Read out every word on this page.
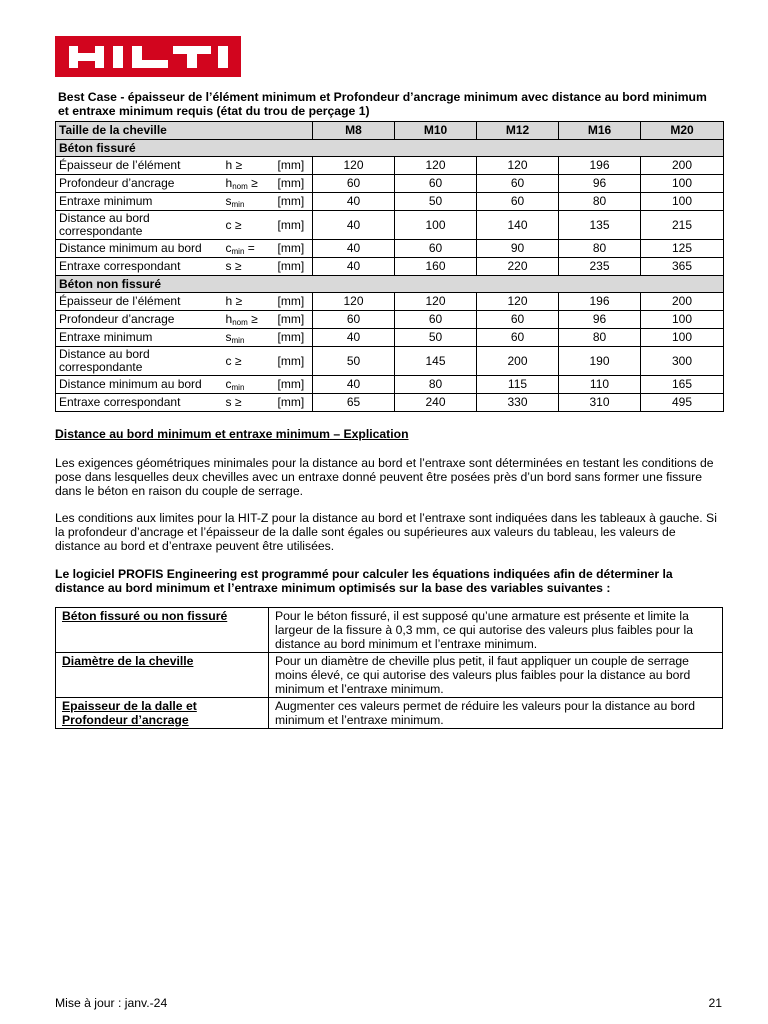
Best Case - épaisseur de l’élément minimum et Profondeur d’ancrage minimum avec distance au bord minimum et entraxe minimum requis (état du trou de perçage 1)
Taille de la cheville			M8	M10	M12	M16	M20
Béton fissuré							
Épaisseur de l’élément	h ≥	[mm]	120	120	120	196	200
Profondeur d’ancrage	$h_{nom}$ ≥	[mm]	60	60	60	96	100
Entraxe minimum	$s_{min}$	[mm]	40	50	60	80	100
Distance au bord correspondante	c ≥	[mm]	40	100	140	135	215
Distance minimum au bord	$c_{min}$ =	[mm]	40	60	90	80	125
Entraxe correspondant	s ≥	[mm]	40	160	220	235	365
Béton non fissuré							
Épaisseur de l’élément	h ≥	[mm]	120	120	120	196	200
Profondeur d’ancrage	$h_{nom}$ ≥	[mm]	60	60	60	96	100
Entraxe minimum	$s_{min}$	[mm]	40	50	60	80	100
Distance au bord correspondante	c ≥	[mm]	50	145	200	190	300
Distance minimum au bord	$c_{min}$	[mm]	40	80	115	110	165
Entraxe correspondant	s ≥	[mm]	65	240	330	310	495
Distance au bord minimum et entraxe minimum – Explication
Les exigences géométriques minimales pour la distance au bord et l’entraxe sont déterminées en testant les conditions de pose dans lesquelles deux chevilles avec un entraxe donné peuvent être posées près d’un bord sans former une fissure dans le béton en raison du couple de serrage.
Les conditions aux limites pour la HIT-Z pour la distance au bord et l’entraxe sont indiquées dans les tableaux à gauche. Si la profondeur d’ancrage et l’épaisseur de la dalle sont égales ou supérieures aux valeurs du tableau, les valeurs de distance au bord et d’entraxe peuvent être utilisées.
Le logiciel PROFIS Engineering est programmé pour calculer les équations indiquées afin de déterminer la distance au bord minimum et l’entraxe minimum optimisés sur la base des variables suivantes :
Béton fissuré ou non fissuré	Pour le béton fissuré, il est supposé qu’une armature est présente et limite la largeur de la fissure à 0,3 mm, ce qui autorise des valeurs plus faibles pour la distance au bord minimum et l’entraxe minimum.
Diamètre de la cheville	Pour un diamètre de cheville plus petit, il faut appliquer un couple de serrage moins élevé, ce qui autorise des valeurs plus faibles pour la distance au bord minimum et l’entraxe minimum.
Epaisseur de la dalle et Profondeur d’ancrage	Augmenter ces valeurs permet de réduire les valeurs pour la distance au bord minimum et l’entraxe minimum.
Mise à jour : janv.-24	21
